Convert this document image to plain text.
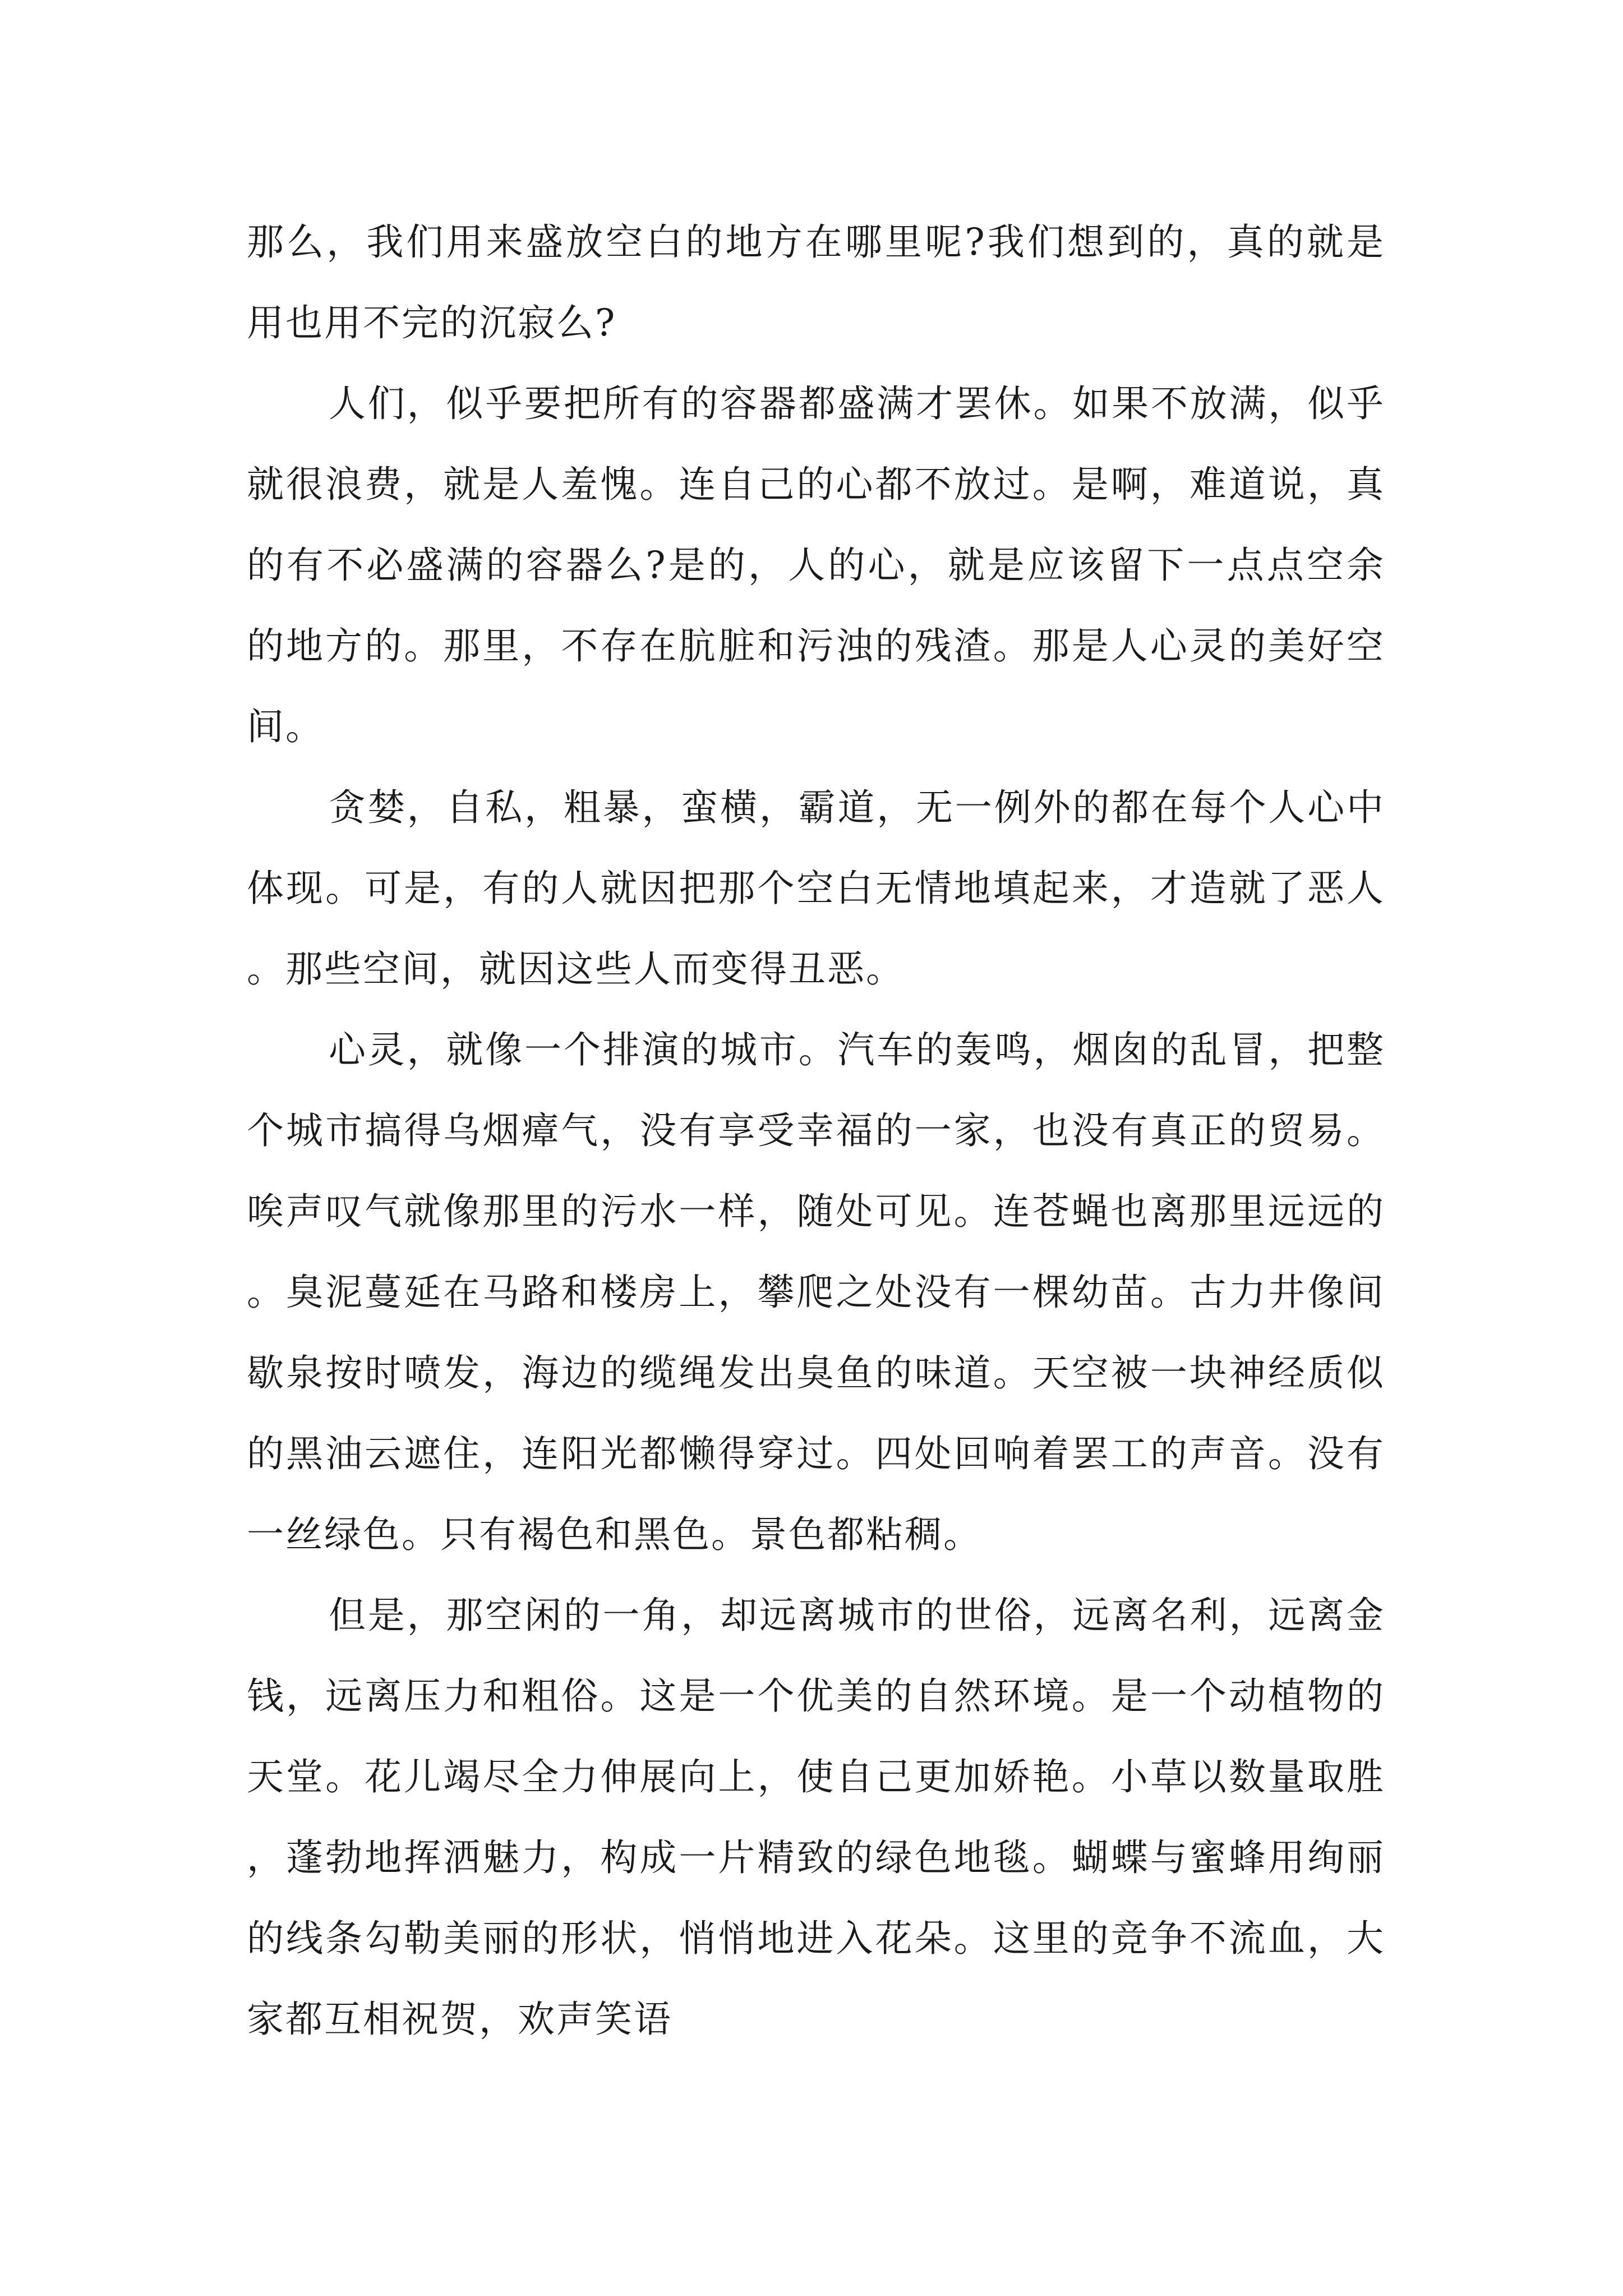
那么，我们用来盛放空白的地方在哪里呢?我们想到的，真的就是用也用不完的沉寂么?

人们，似乎要把所有的容器都盛满才罢休。如果不放满，似乎就很浪费，就是人羞愧。连自己的心都不放过。是啊，难道说，真的有不必盛满的容器么?是的，人的心，就是应该留下一点点空余的地方的。那里，不存在肮脏和污浊的残渣。那是人心灵的美好空间。

贪婪，自私，粗暴，蛮横，霸道，无一例外的都在每个人心中体现。可是，有的人就因把那个空白无情地填起来，才造就了恶人。那些空间，就因这些人而变得丑恶。

心灵，就像一个排演的城市。汽车的轰鸣，烟囱的乱冒，把整个城市搞得乌烟瘴气，没有享受幸福的一家，也没有真正的贸易。唉声叹气就像那里的污水一样，随处可见。连苍蝇也离那里远远的。臭泥蔓延在马路和楼房上，攀爬之处没有一棵幼苗。古力井像间歇泉按时喷发，海边的缆绳发出臭鱼的味道。天空被一块神经质似的黑油云遮住，连阳光都懒得穿过。四处回响着罢工的声音。没有一丝绿色。只有褐色和黑色。景色都粘稠。

但是，那空闲的一角，却远离城市的世俗，远离名利，远离金钱，远离压力和粗俗。这是一个优美的自然环境。是一个动植物的天堂。花儿竭尽全力伸展向上，使自己更加娇艳。小草以数量取胜，蓬勃地挥洒魅力，构成一片精致的绿色地毯。蝴蝶与蜜蜂用绚丽的线条勾勒美丽的形状，悄悄地进入花朵。这里的竞争不流血，大家都互相祝贺，欢声笑语
